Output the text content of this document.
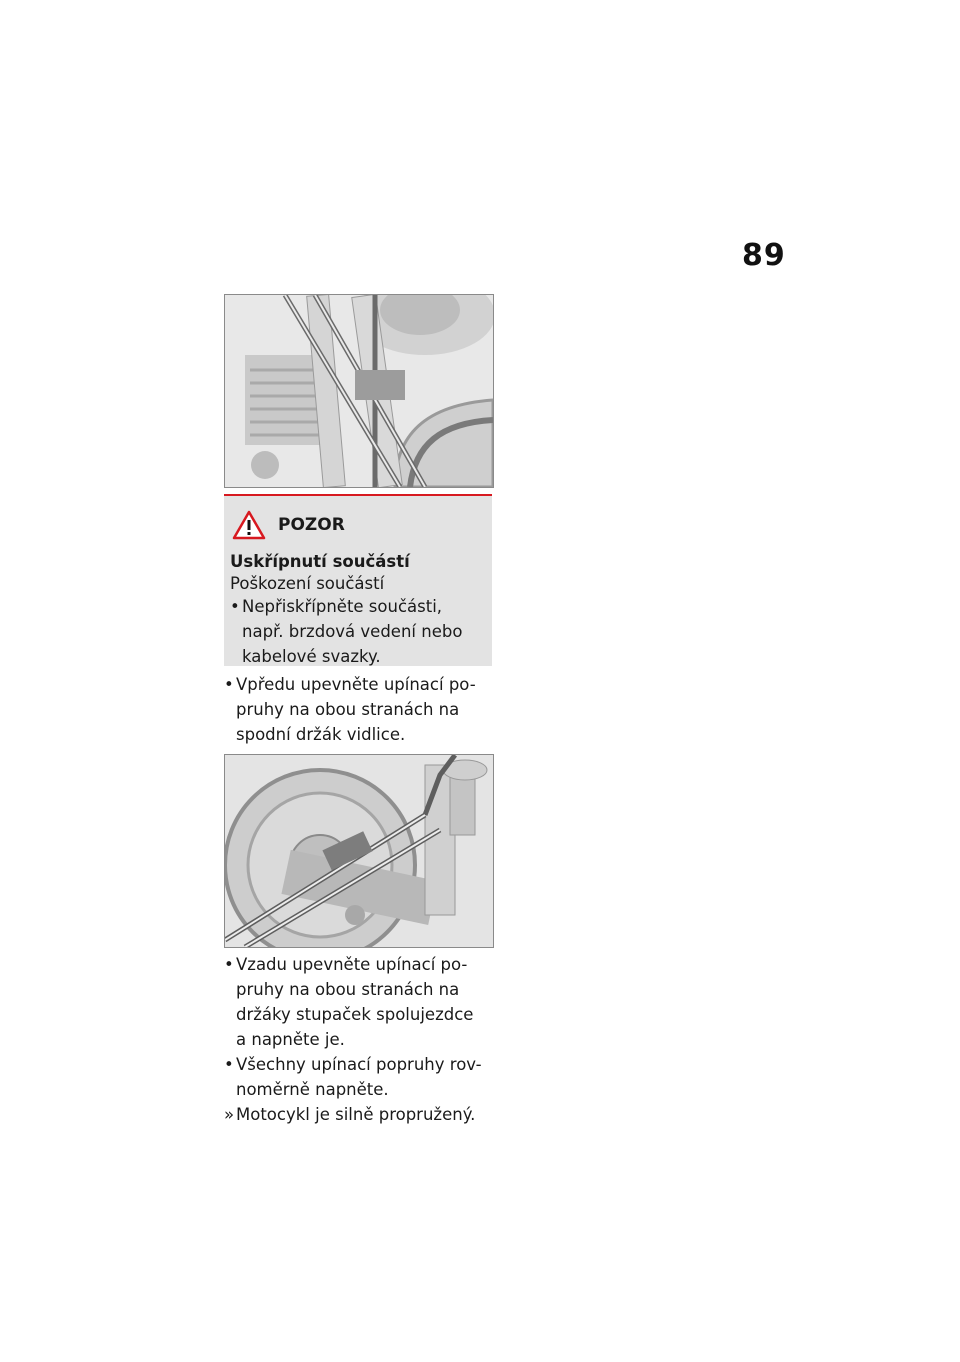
89
POZOR
Uskřípnutí součástí
Poškození součástí
• Nepřiskřípněte součásti,
např. brzdová vedení nebo
kabelové svazky.
• Vpředu upevněte upínací po-
pruhy na obou stranách na
spodní držák vidlice.
• Vzadu upevněte upínací po-
pruhy na obou stranách na
držáky stupaček spolujezdce
a napněte je.
• Všechny upínací popruhy rov-
noměrně napněte.
» Motocykl je silně propružený.
